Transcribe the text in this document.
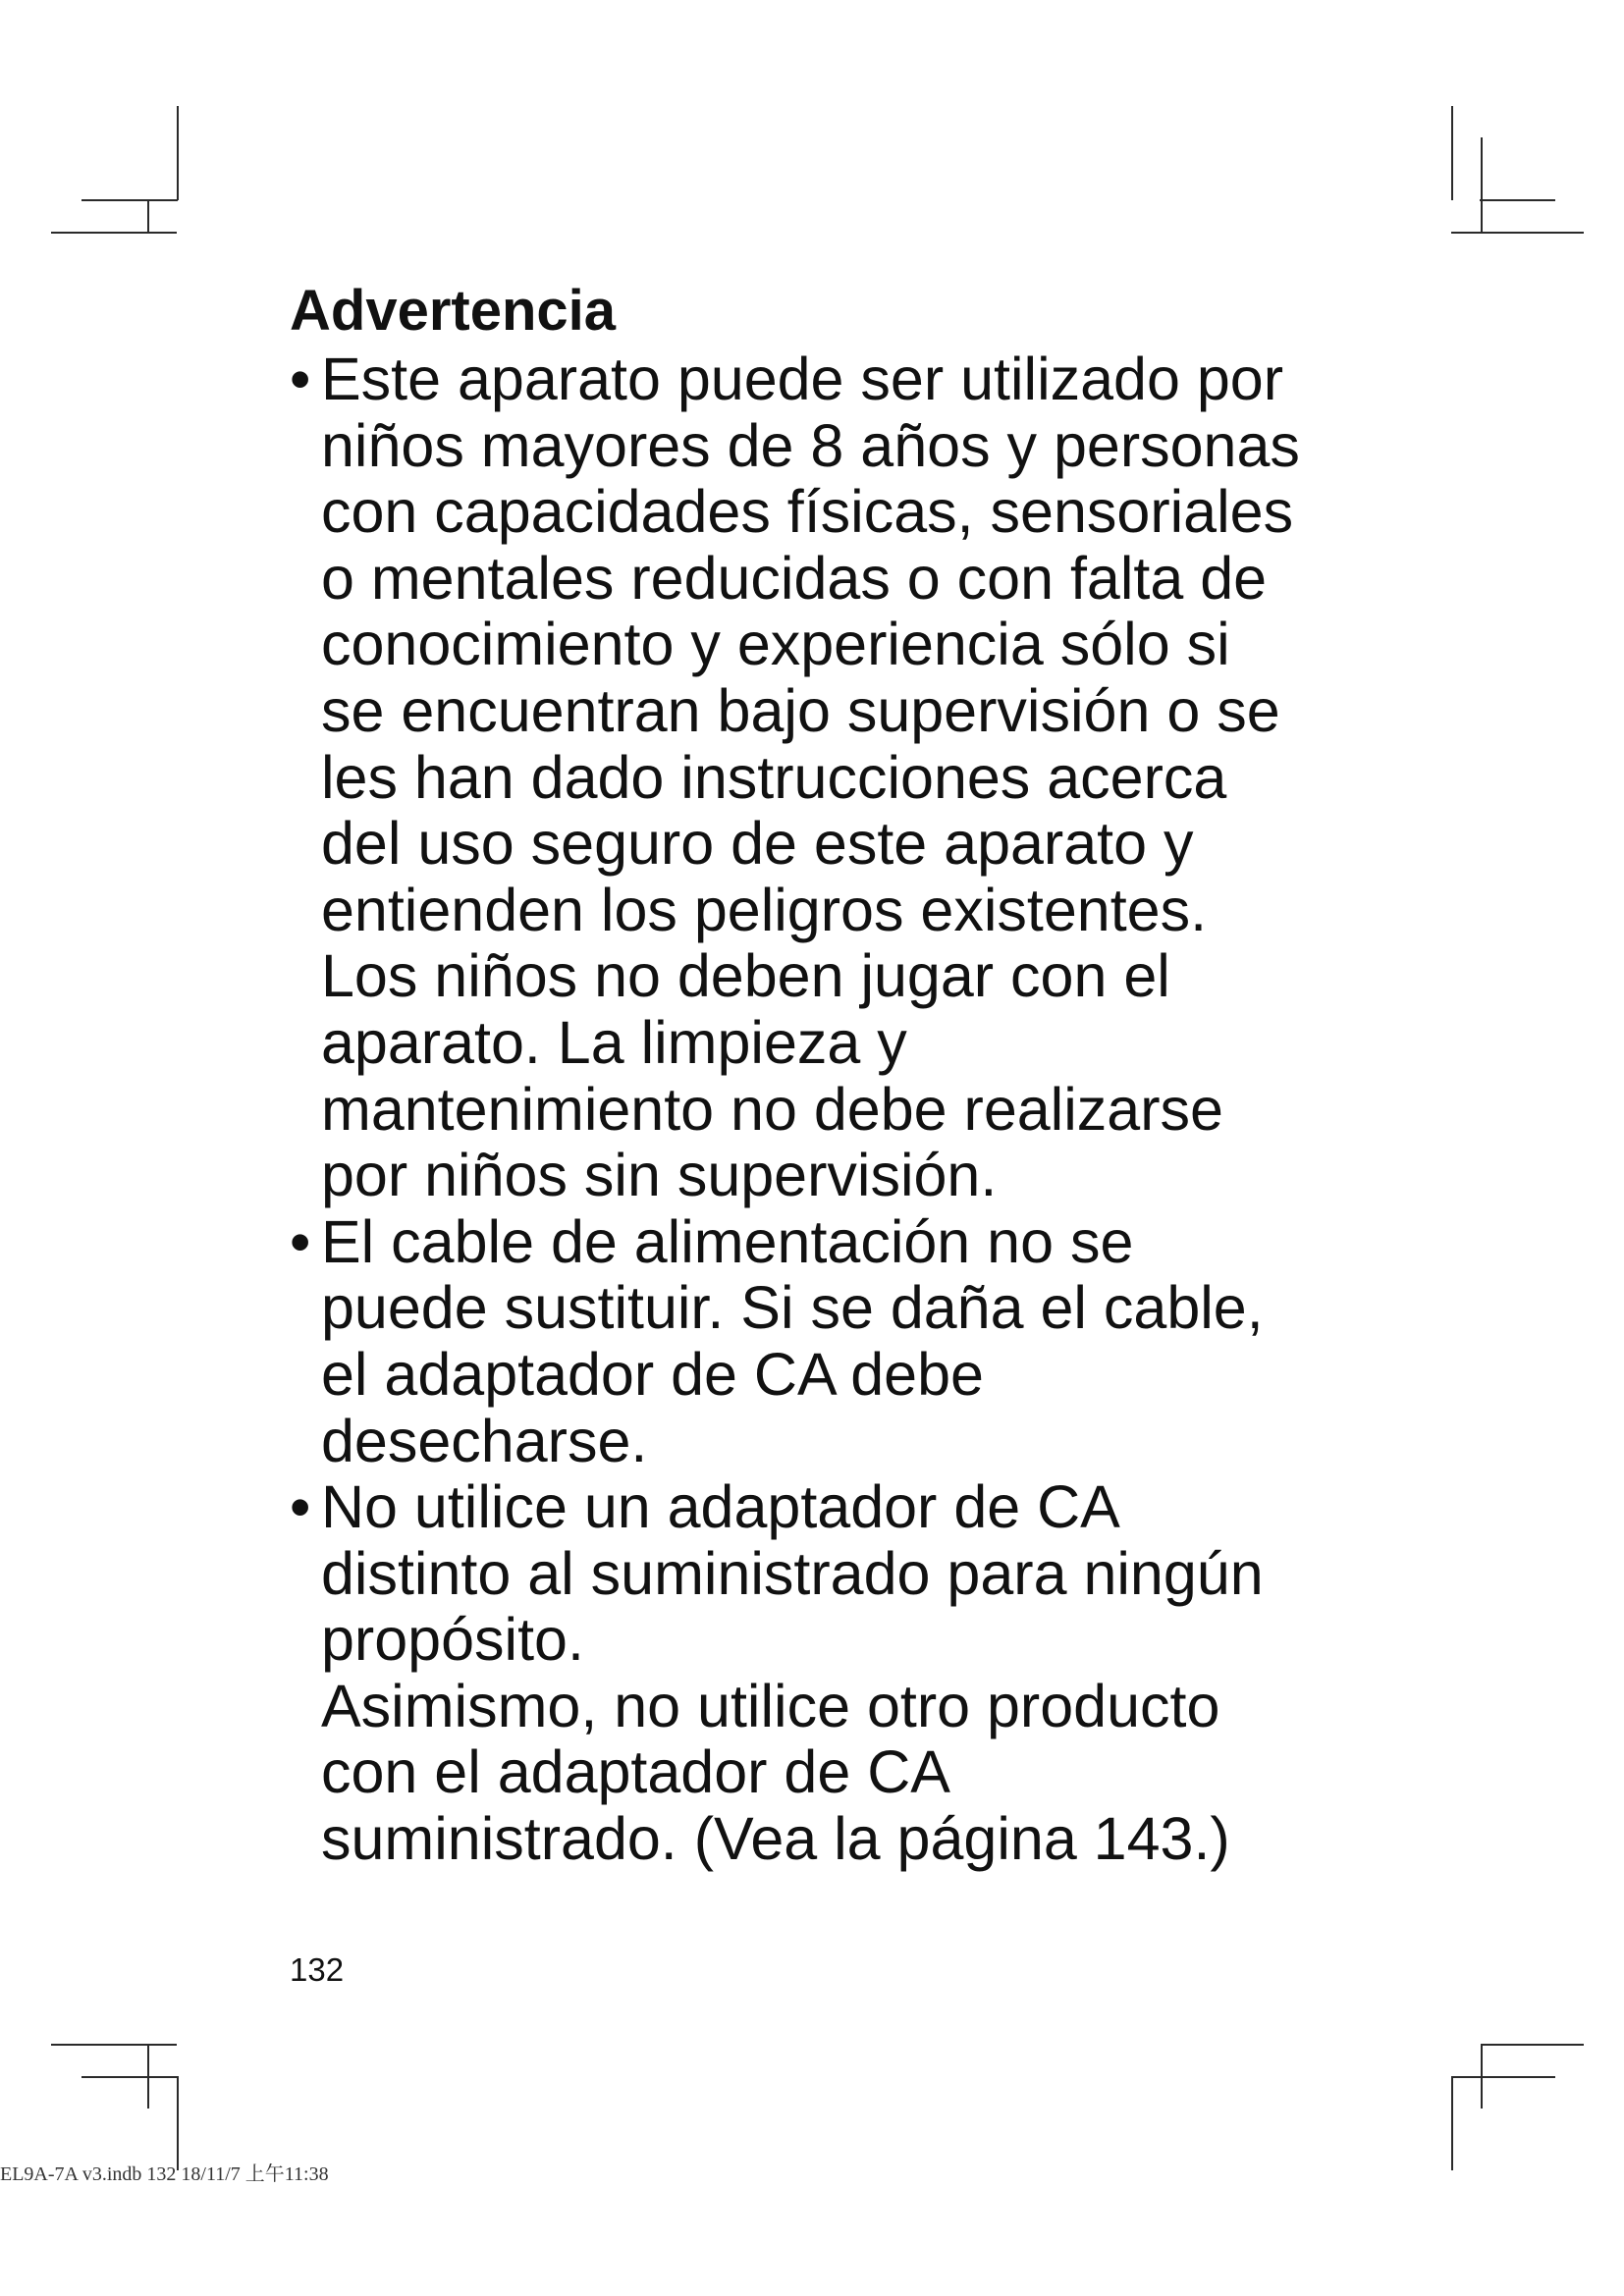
Advertencia
• Este aparato puede ser utilizado por
niños mayores de 8 años y personas
con capacidades físicas, sensoriales
o mentales reducidas o con falta de
conocimiento y experiencia sólo si
se encuentran bajo supervisión o se
les han dado instrucciones acerca
del uso seguro de este aparato y
entienden los peligros existentes.
Los niños no deben jugar con el
aparato. La limpieza y
mantenimiento no debe realizarse
por niños sin supervisión.
• El cable de alimentación no se
puede sustituir. Si se daña el cable,
el adaptador de CA debe
desecharse.
• No utilice un adaptador de CA
distinto al suministrado para ningún
propósito.
Asimismo, no utilice otro producto
con el adaptador de CA
suministrado. (Vea la página 143.)
132
EL9A-7A v3.indb 132 18/11/7 上午11:38
